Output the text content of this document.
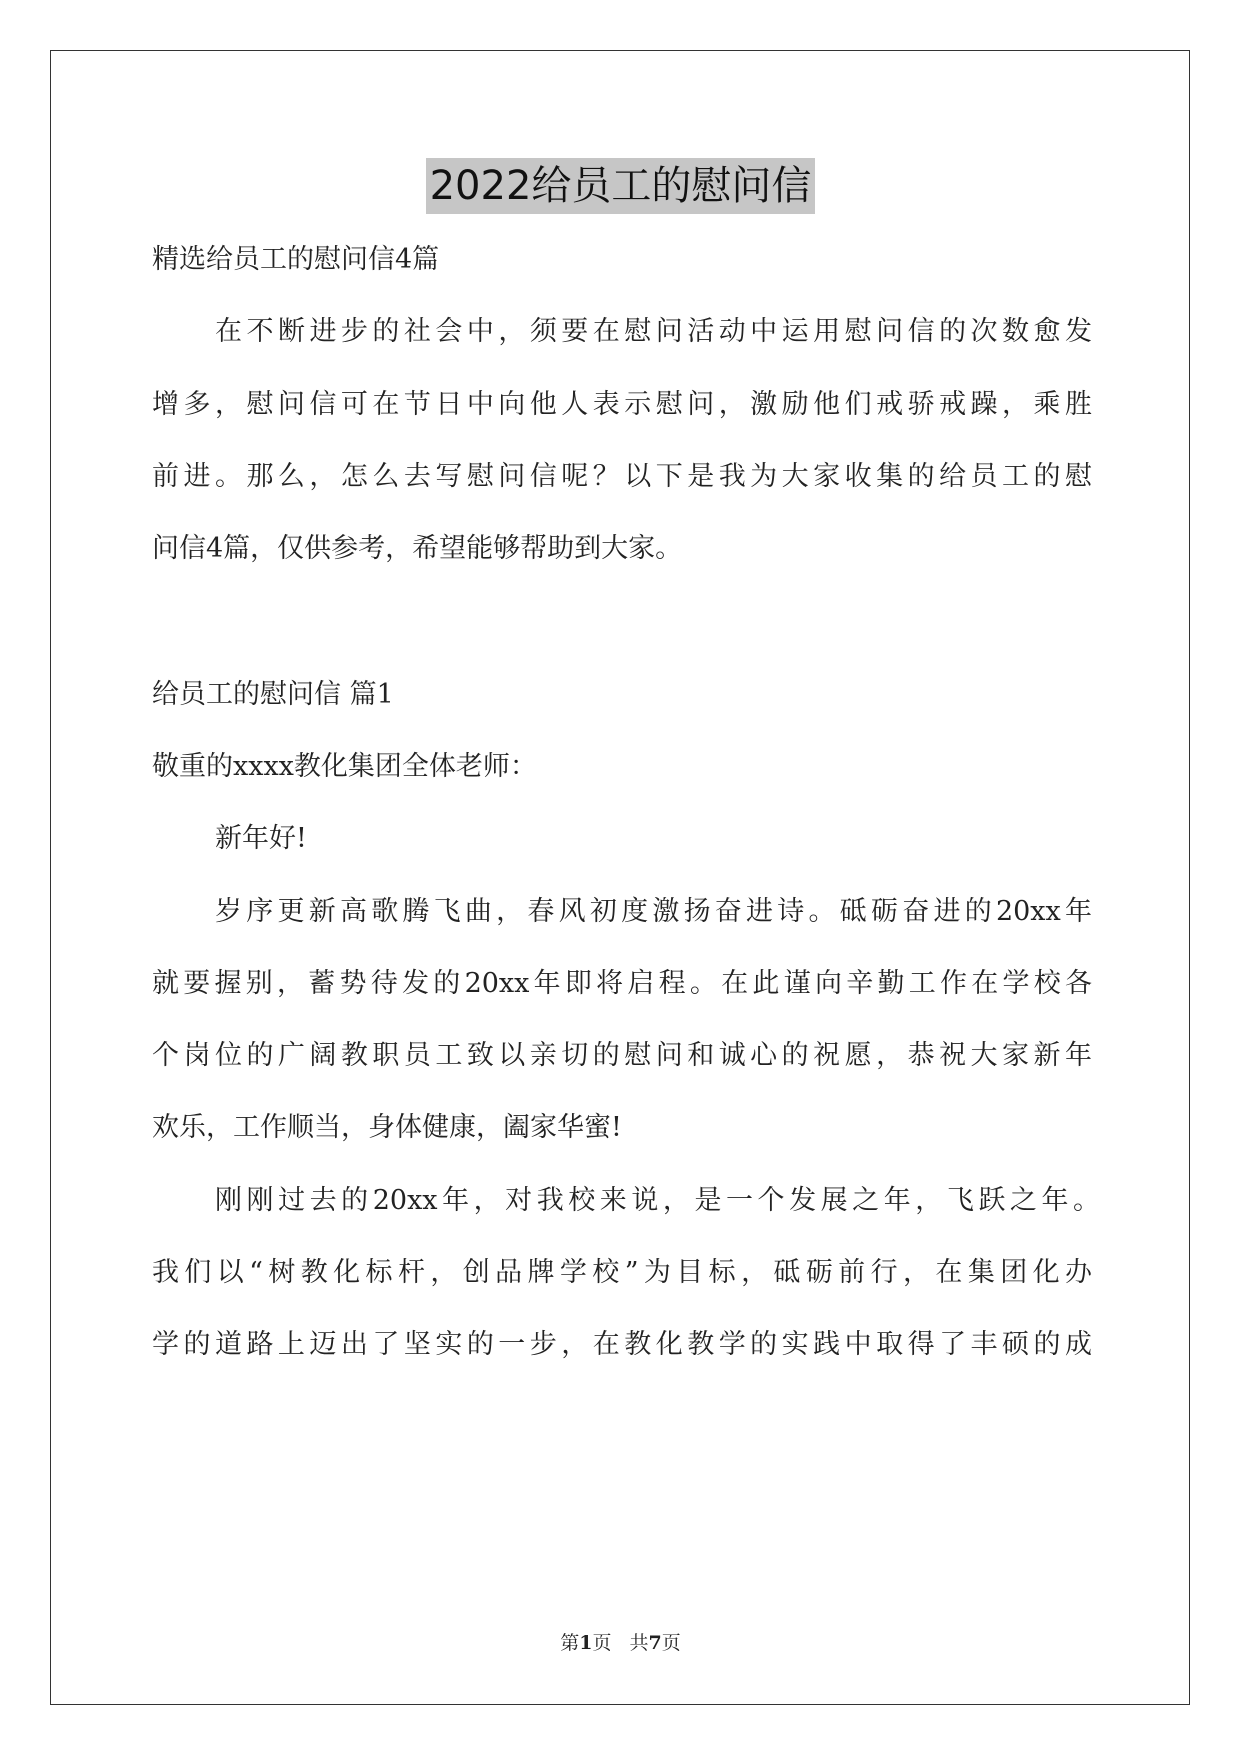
2022给员工的慰问信
精选给员工的慰问信4篇
在不断进步的社会中，须要在慰问活动中运用慰问信的次数愈发
增多，慰问信可在节日中向他人表示慰问，激励他们戒骄戒躁，乘胜
前进。那么，怎么去写慰问信呢？以下是我为大家收集的给员工的慰
问信4篇，仅供参考，希望能够帮助到大家。
给员工的慰问信 篇1
敬重的xxxx教化集团全体老师：
新年好!
岁序更新高歌腾飞曲，春风初度激扬奋进诗。砥砺奋进的20xx年
就要握别，蓄势待发的20xx年即将启程。在此谨向辛勤工作在学校各
个岗位的广阔教职员工致以亲切的慰问和诚心的祝愿，恭祝大家新年
欢乐，工作顺当，身体健康，阖家华蜜!
刚刚过去的20xx年，对我校来说，是一个发展之年，飞跃之年。
我们以“树教化标杆，创品牌学校”为目标，砥砺前行，在集团化办
学的道路上迈出了坚实的一步，在教化教学的实践中取得了丰硕的成
第1页 共7页
